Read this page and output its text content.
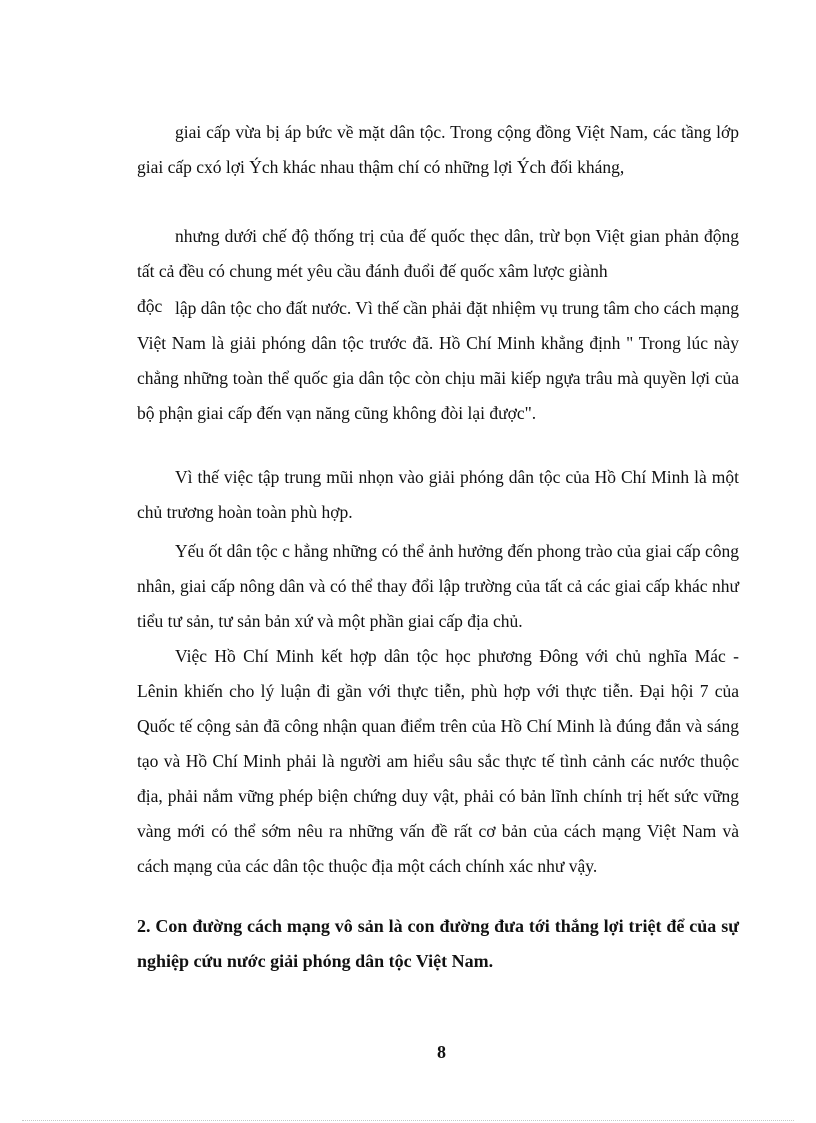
giai cấp vừa bị áp bức về mặt dân tộc. Trong cộng đồng Việt Nam, các tầng lớp giai cấp cxó lợi Ých khác nhau thậm chí có những lợi Ých đối kháng,

nhưng dưới chế độ thống trị của đế quốc thẹc dân, trừ bọn Việt gian phản động tất cả đều có chung mét yêu cầu đánh đuổi đế quốc xâm lược giành
độc lập dân tộc cho đất nước. Vì thế cần phải đặt nhiệm vụ trung tâm cho cách mạng Việt Nam là giải phóng dân tộc trước đã. Hồ Chí Minh khẳng định " Trong lúc này chẳng những toàn thể quốc gia dân tộc còn chịu mãi kiếp ngựa trâu mà quyền lợi của bộ phận giai cấp đến vạn năng cũng không đòi lại được".

Vì thế việc tập trung mũi nhọn vào giải phóng dân tộc của Hồ Chí Minh là một chủ trương hoàn toàn phù hợp.

Yếu ốt dân tộc c hẳng những có thể ảnh hưởng đến phong trào của giai cấp công nhân, giai cấp nông dân và có thể thay đổi lập trường của tất cả các giai cấp khác như tiểu tư sản, tư sản bản xứ và một phần giai cấp địa chủ.

Việc Hồ Chí Minh kết hợp dân tộc học phương Đông với chủ nghĩa Mác - Lênin khiến cho lý luận đi gần với thực tiễn, phù hợp với thực tiễn. Đại hội 7 của Quốc tế cộng sản đã công nhận quan điểm trên của Hồ Chí Minh là đúng đắn và sáng tạo và Hồ Chí Minh phải là người am hiểu sâu sắc thực tế tình cảnh các nước thuộc địa, phải nắm vững phép biện chứng duy vật, phải có bản lĩnh chính trị hết sức vững vàng mới có thể sớm nêu ra những vấn đề rất cơ bản của cách mạng Việt Nam và cách mạng của các dân tộc thuộc địa một cách chính xác như vậy.

2. Con đường cách mạng vô sản là con đường đưa tới thắng lợi triệt để của sự nghiệp cứu nước giải phóng dân tộc Việt Nam.
8
